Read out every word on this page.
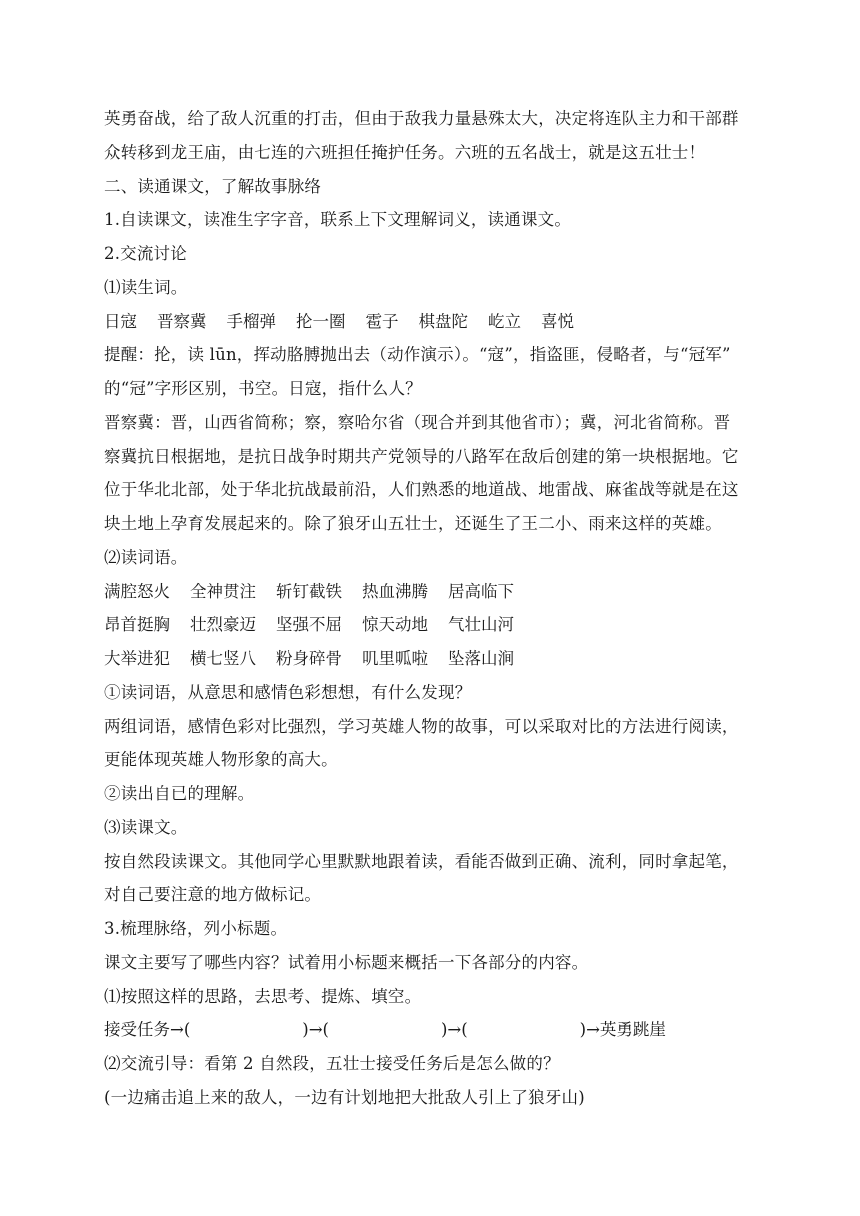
英勇奋战，给了敌人沉重的打击，但由于敌我力量悬殊太大，决定将连队主力和干部群
众转移到龙王庙，由七连的六班担任掩护任务。六班的五名战士，就是这五壮士！
二、读通课文，了解故事脉络
1.自读课文，读准生字字音，联系上下文理解词义，读通课文。
2.交流讨论
⑴读生词。
日寇 晋察冀 手榴弹 抡一圈 雹子 棋盘陀 屹立 喜悦
提醒：抡，读 lūn，挥动胳膊抛出去（动作演示）。“寇”，指盗匪，侵略者，与“冠军”
的“冠”字形区别，书空。日寇，指什么人？
晋察冀：晋，山西省简称；察，察哈尔省（现合并到其他省市）；冀，河北省简称。晋
察冀抗日根据地，是抗日战争时期共产党领导的八路军在敌后创建的第一块根据地。它
位于华北北部，处于华北抗战最前沿，人们熟悉的地道战、地雷战、麻雀战等就是在这
块土地上孕育发展起来的。除了狼牙山五壮士，还诞生了王二小、雨来这样的英雄。
⑵读词语。
满腔怒火 全神贯注 斩钉截铁 热血沸腾 居高临下
昂首挺胸 壮烈豪迈 坚强不屈 惊天动地 气壮山河
大举进犯 横七竖八 粉身碎骨 叽里呱啦 坠落山涧
①读词语，从意思和感情色彩想想，有什么发现？
两组词语，感情色彩对比强烈，学习英雄人物的故事，可以采取对比的方法进行阅读，
更能体现英雄人物形象的高大。
②读出自已的理解。
⑶读课文。
按自然段读课文。其他同学心里默默地跟着读，看能否做到正确、流利，同时拿起笔，
对自己要注意的地方做标记。
3.梳理脉络，列小标题。
课文主要写了哪些内容？试着用小标题来概括一下各部分的内容。
⑴按照这样的思路，去思考、提炼、填空。
接受任务→(	)→(	)→(	)→英勇跳崖
⑵交流引导：看第 2 自然段，五壮士接受任务后是怎么做的？
(一边痛击追上来的敌人，一边有计划地把大批敌人引上了狼牙山)
